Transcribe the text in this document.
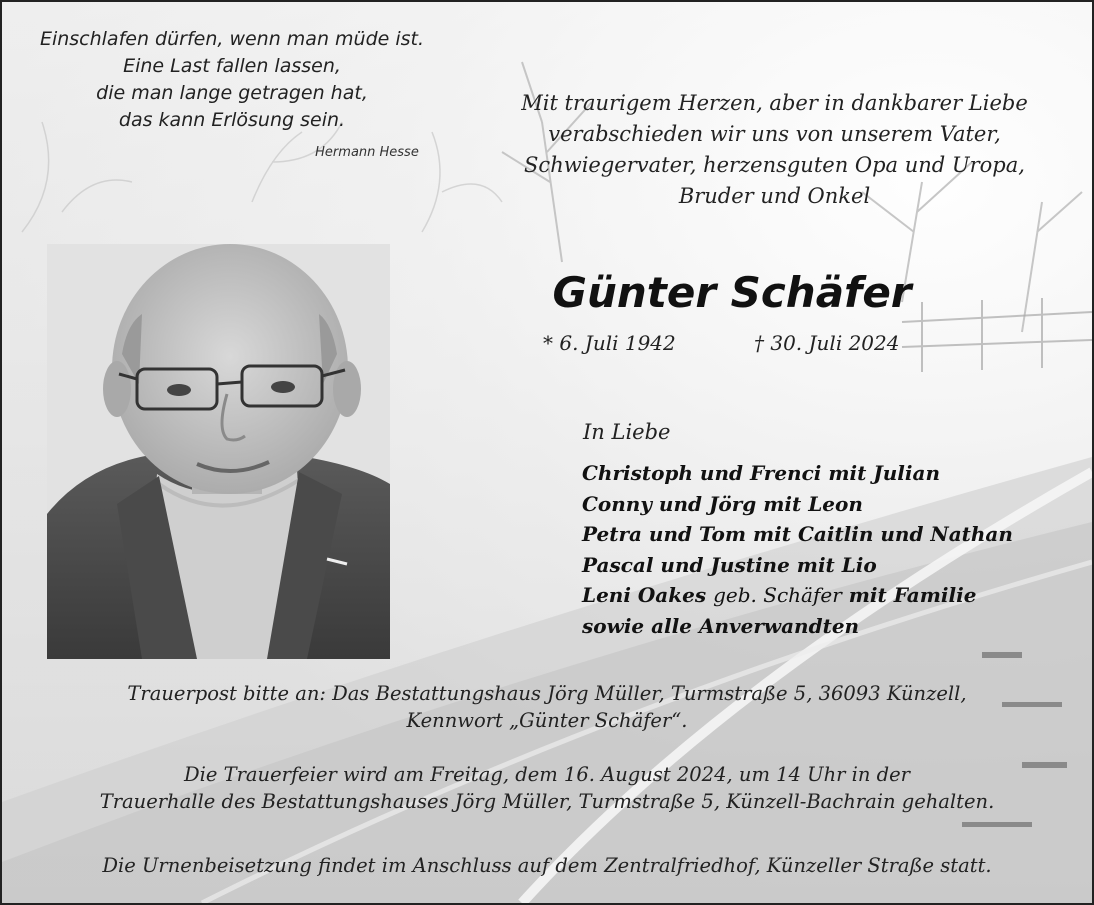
Einschlafen dürfen, wenn man müde ist.
Eine Last fallen lassen,
die man lange getragen hat,
das kann Erlösung sein.
Hermann Hesse
Mit traurigem Herzen, aber in dankbarer Liebe
verabschieden wir uns von unserem Vater,
Schwiegervater, herzensguten Opa und Uropa,
Bruder und Onkel
Günter Schäfer
* 6. Juli 1942	† 30. Juli 2024
In Liebe
Christoph und Frenci mit Julian
Conny und Jörg mit Leon
Petra und Tom mit Caitlin und Nathan
Pascal und Justine mit Lio
Leni Oakes geb. Schäfer mit Familie
sowie alle Anverwandten
Trauerpost bitte an: Das Bestattungshaus Jörg Müller, Turmstraße 5, 36093 Künzell,
Kennwort „Günter Schäfer“.
Die Trauerfeier wird am Freitag, dem 16. August 2024, um 14 Uhr in der
Trauerhalle des Bestattungshauses Jörg Müller, Turmstraße 5, Künzell-Bachrain gehalten.
Die Urnenbeisetzung findet im Anschluss auf dem Zentralfriedhof, Künzeller Straße statt.
